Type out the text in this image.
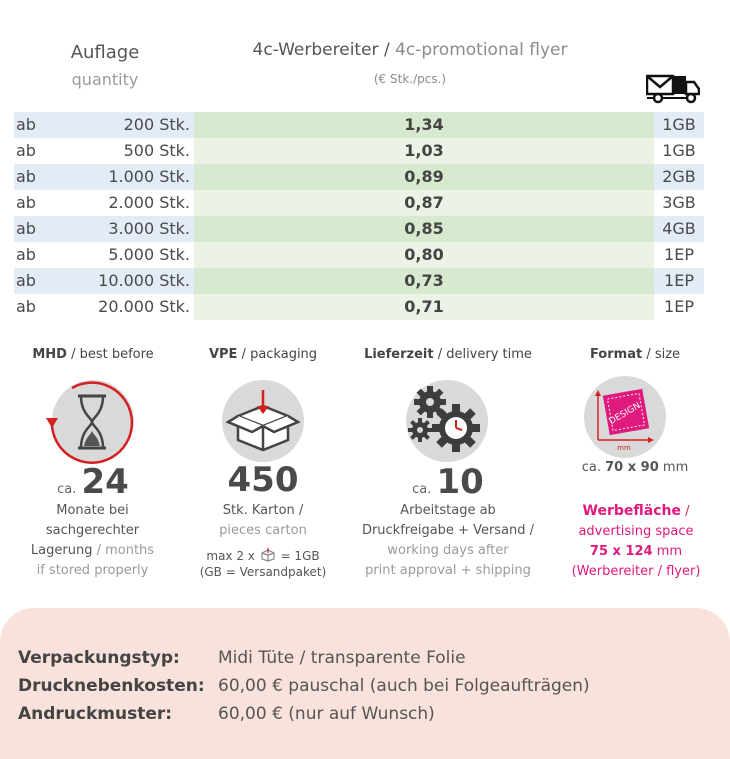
Auflage
quantity
4c-Werbereiter / 4c-promotional flyer
(€ Stk./pcs.)
ab	200 Stk.	1,34	1GB
ab	500 Stk.	1,03	1GB
ab	1.000 Stk.	0,89	2GB
ab	2.000 Stk.	0,87	3GB
ab	3.000 Stk.	0,85	4GB
ab	5.000 Stk.	0,80	1EP
ab	10.000 Stk.	0,73	1EP
ab	20.000 Stk.	0,71	1EP
MHD / best before
ca. 24
Monate bei
sachgerechter
Lagerung / months
if stored properly
VPE / packaging
450
Stk. Karton /
pieces carton
max 2 x = 1GB
(GB = Versandpaket)
Lieferzeit / delivery time
ca. 10
Arbeitstage ab
Druckfreigabe + Versand /
working days after
print approval + shipping
Format / size
DESIGN
mm
ca. 70 x 90 mm
Werbefläche /
advertising space
75 x 124 mm
(Werbereiter / flyer)
Verpackungstyp:	Midi Tüte / transparente Folie
Drucknebenkosten: 60,00 € pauschal (auch bei Folgeaufträgen)
Andruckmuster:	60,00 € (nur auf Wunsch)
